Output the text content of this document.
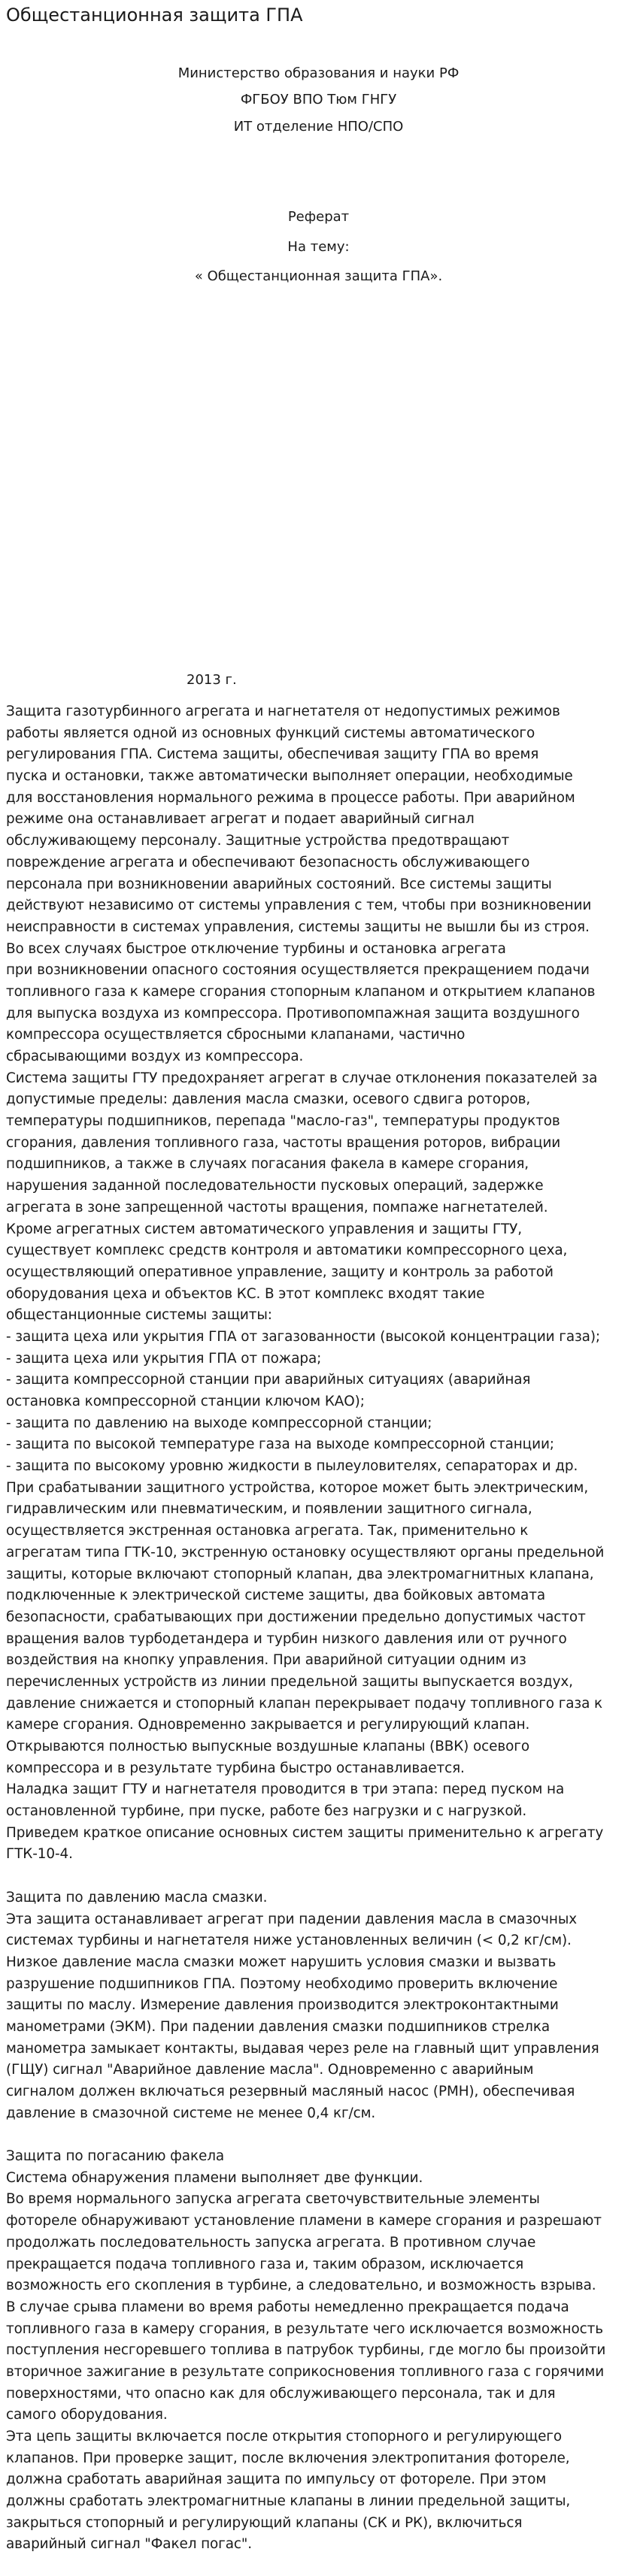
Общестанционная защита ГПА
Министерство образования и науки РФ
ФГБОУ ВПО Тюм ГНГУ
ИТ отделение НПО/СПО
Реферат
На тему:
« Общестанционная защита ГПА».
2013 г.
Защита газотурбинного агрегата и нагнетателя от недопустимых режимов
работы является одной из основных функций системы автоматического
регулирования ГПА. Система защиты, обеспечивая защиту ГПА во время
пуска и остановки, также автоматически выполняет операции, необходимые
для восстановления нормального режима в процессе работы. При аварийном
режиме она останавливает агрегат и подает аварийный сигнал
обслуживающему персоналу. Защитные устройства предотвращают
повреждение агрегата и обеспечивают безопасность обслуживающего
персонала при возникновении аварийных состояний. Все системы защиты
действуют независимо от системы управления с тем, чтобы при возникновении
неисправности в системах управления, системы защиты не вышли бы из строя.
Во всех случаях быстрое отключение турбины и остановка агрегата
при возникновении опасного состояния осуществляется прекращением подачи
топливного газа к камере сгорания стопорным клапаном и открытием клапанов
для выпуска воздуха из компрессора. Противопомпажная защита воздушного
компрессора осуществляется сбросными клапанами, частично
сбрасывающими воздух из компрессора.
Система защиты ГТУ предохраняет агрегат в случае отклонения показателей за
допустимые пределы: давления масла смазки, осевого сдвига роторов,
температуры подшипников, перепада "масло-газ", температуры продуктов
сгорания, давления топливного газа, частоты вращения роторов, вибрации
подшипников, а также в случаях погасания факела в камере сгорания,
нарушения заданной последовательности пусковых операций, задержке
агрегата в зоне запрещенной частоты вращения, помпаже нагнетателей.
Кроме агрегатных систем автоматического управления и защиты ГТУ,
существует комплекс средств контроля и автоматики компрессорного цеха,
осуществляющий оперативное управление, защиту и контроль за работой
оборудования цеха и объектов КС. В этот комплекс входят такие
общестанционные системы защиты:
- защита цеха или укрытия ГПА от загазованности (высокой концентрации газа);
- защита цеха или укрытия ГПА от пожара;
- защита компрессорной станции при аварийных ситуациях (аварийная
остановка компрессорной станции ключом КАО);
- защита по давлению на выходе компрессорной станции;
- защита по высокой температуре газа на выходе компрессорной станции;
- защита по высокому уровню жидкости в пылеуловителях, сепараторах и др.
При срабатывании защитного устройства, которое может быть электрическим,
гидравлическим или пневматическим, и появлении защитного сигнала,
осуществляется экстренная остановка агрегата. Так, применительно к
агрегатам типа ГТК-10, экстренную остановку осуществляют органы предельной
защиты, которые включают стопорный клапан, два электромагнитных клапана,
подключенные к электрической системе защиты, два бойковых автомата
безопасности, срабатывающих при достижении предельно допустимых частот
вращения валов турбодетандера и турбин низкого давления или от ручного
воздействия на кнопку управления. При аварийной ситуации одним из
перечисленных устройств из линии предельной защиты выпускается воздух,
давление снижается и стопорный клапан перекрывает подачу топливного газа к
камере сгорания. Одновременно закрывается и регулирующий клапан.
Открываются полностью выпускные воздушные клапаны (ВВК) осевого
компрессора и в результате турбина быстро останавливается.
Наладка защит ГТУ и нагнетателя проводится в три этапа: перед пуском на
остановленной турбине, при пуске, работе без нагрузки и с нагрузкой.
Приведем краткое описание основных систем защиты применительно к агрегату
ГТК-10-4.
Защита по давлению масла смазки.
Эта защита останавливает агрегат при падении давления масла в смазочных
системах турбины и нагнетателя ниже установленных величин (< 0,2 кг/см).
Низкое давление масла смазки может нарушить условия смазки и вызвать
разрушение подшипников ГПА. Поэтому необходимо проверить включение
защиты по маслу. Измерение давления производится электроконтактными
манометрами (ЭКМ). При падении давления смазки подшипников стрелка
манометра замыкает контакты, выдавая через реле на главный щит управления
(ГЩУ) сигнал "Аварийное давление масла". Одновременно с аварийным
сигналом должен включаться резервный масляный насос (РМН), обеспечивая
давление в смазочной системе не менее 0,4 кг/см.
Защита по погасанию факела
Система обнаружения пламени выполняет две функции.
Во время нормального запуска агрегата светочувствительные элементы
фотореле обнаруживают установление пламени в камере сгорания и разрешают
продолжать последовательность запуска агрегата. В противном случае
прекращается подача топливного газа и, таким образом, исключается
возможность его скопления в турбине, а следовательно, и возможность взрыва.
В случае срыва пламени во время работы немедленно прекращается подача
топливного газа в камеру сгорания, в результате чего исключается возможность
поступления несгоревшего топлива в патрубок турбины, где могло бы произойти
вторичное зажигание в результате соприкосновения топливного газа с горячими
поверхностями, что опасно как для обслуживающего персонала, так и для
самого оборудования.
Эта цепь защиты включается после открытия стопорного и регулирующего
клапанов. При проверке защит, после включения электропитания фотореле,
должна сработать аварийная защита по импульсу от фотореле. При этом
должны сработать электромагнитные клапаны в линии предельной защиты,
закрыться стопорный и регулирующий клапаны (СК и РК), включиться
аварийный сигнал "Факел погас".
